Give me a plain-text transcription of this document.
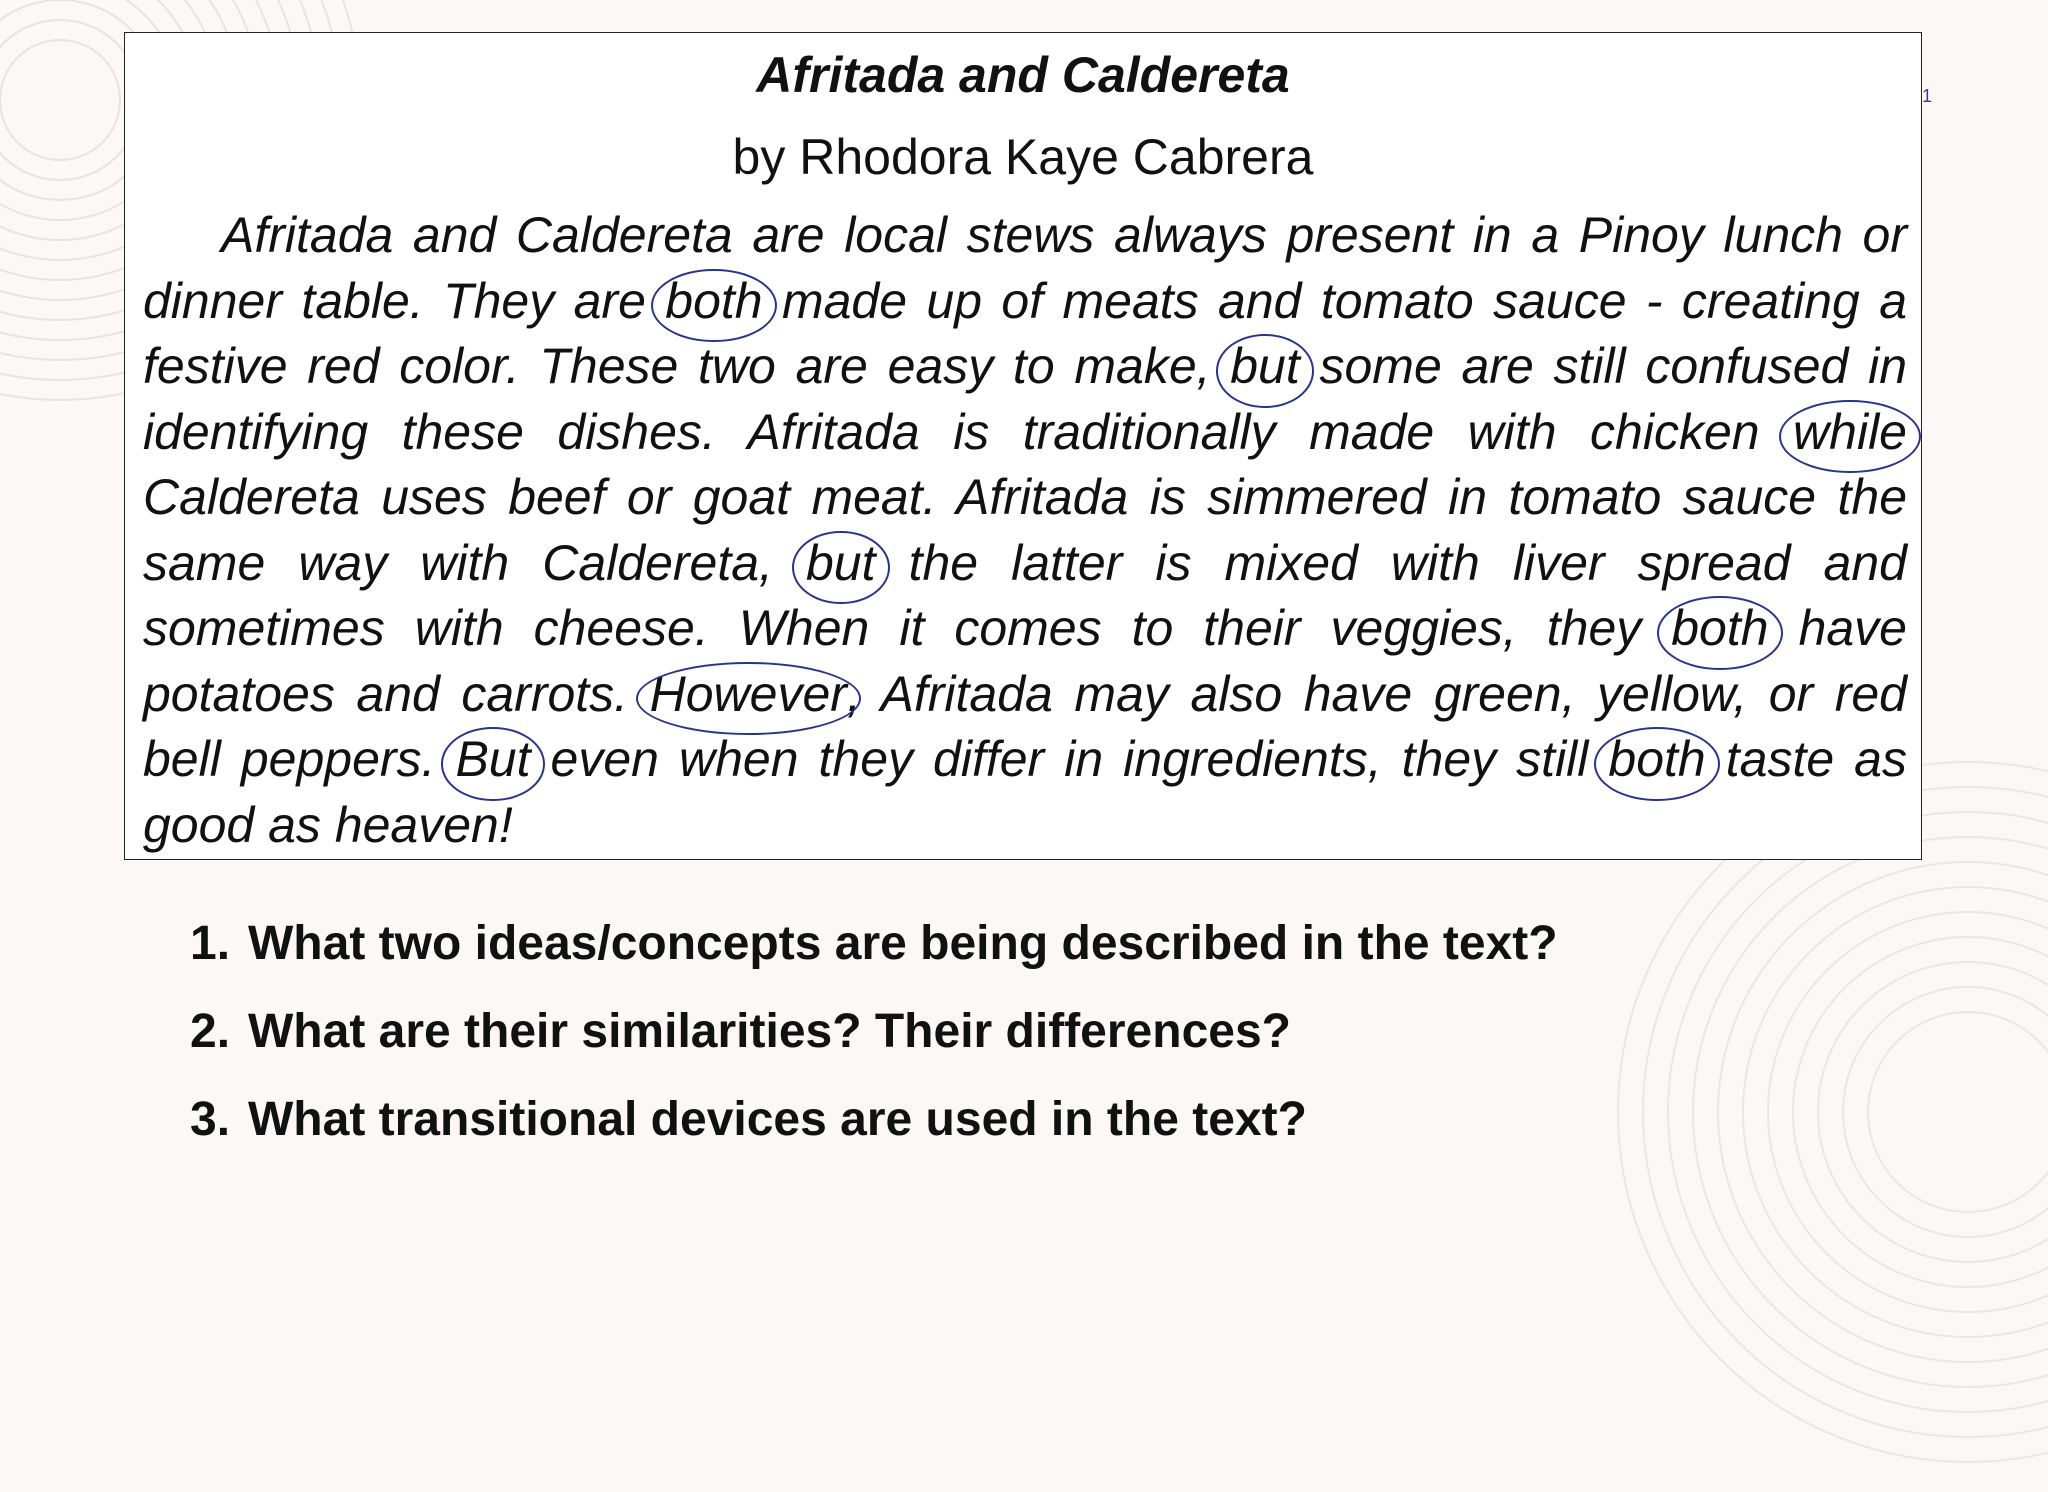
Afritada and Caldereta
by Rhodora Kaye Cabrera

Afritada and Caldereta are local stews always present in a Pinoy lunch or dinner table. They are both made up of meats and tomato sauce - creating a festive red color. These two are easy to make, but some are still confused in identifying these dishes. Afritada is traditionally made with chicken while Caldereta uses beef or goat meat. Afritada is simmered in tomato sauce the same way with Caldereta, but the latter is mixed with liver spread and sometimes with cheese. When it comes to their veggies, they both have potatoes and carrots. However, Afritada may also have green, yellow, or red bell peppers. But even when they differ in ingredients, they still both taste as good as heaven!

1
1. What two ideas/concepts are being described in the text?
2. What are their similarities? Their differences?
3. What transitional devices are used in the text?
